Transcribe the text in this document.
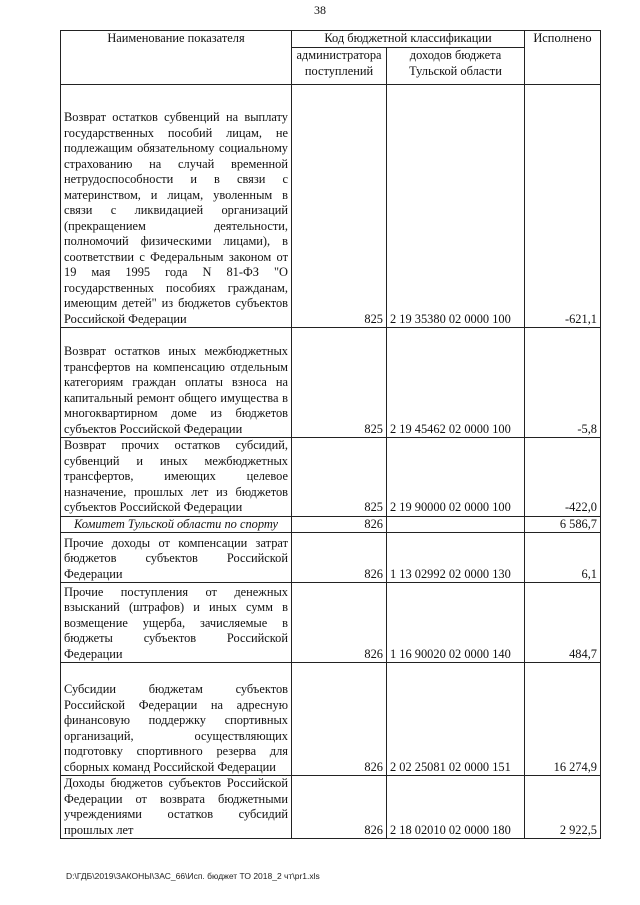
38
Наименование показателя	Код бюджетной классификации		Исполнено
	администратора поступлений	доходов бюджета Тульской области	
Возврат остатков субвенций на выплату государственных пособий лицам, не подлежащим обязательному социальному страхованию на случай временной нетрудоспособности и в связи с материнством, и лицам, уволенным в связи с ликвидацией организаций (прекращением деятельности, полномочий физическими лицами), в соответствии с Федеральным законом от 19 мая 1995 года N 81-ФЗ "О государственных пособиях гражданам, имеющим детей" из бюджетов субъектов Российской Федерации	825	2 19 35380 02 0000 100	-621,1
Возврат остатков иных межбюджетных трансфертов на компенсацию отдельным категориям граждан оплаты взноса на капитальный ремонт общего имущества в многоквартирном доме из бюджетов субъектов Российской Федерации	825	2 19 45462 02 0000 100	-5,8
Возврат прочих остатков субсидий, субвенций и иных межбюджетных трансфертов, имеющих целевое назначение, прошлых лет из бюджетов субъектов Российской Федерации	825	2 19 90000 02 0000 100	-422,0
Комитет Тульской области по спорту	826		6 586,7
Прочие доходы от компенсации затрат бюджетов субъектов Российской Федерации	826	1 13 02992 02 0000 130	6,1
Прочие поступления от денежных взысканий (штрафов) и иных сумм в возмещение ущерба, зачисляемые в бюджеты субъектов Российской Федерации	826	1 16 90020 02 0000 140	484,7
Субсидии бюджетам субъектов Российской Федерации на адресную финансовую поддержку спортивных организаций, осуществляющих подготовку спортивного резерва для сборных команд Российской Федерации	826	2 02 25081 02 0000 151	16 274,9
Доходы бюджетов субъектов Российской Федерации от возврата бюджетными учреждениями остатков субсидий прошлых лет	826	2 18 02010 02 0000 180	2 922,5
D:\ГДБ\2019\ЗАКОНЫ\ЗАС_66\Исп. бюджет ТО 2018_2 чт\pr1.xls
